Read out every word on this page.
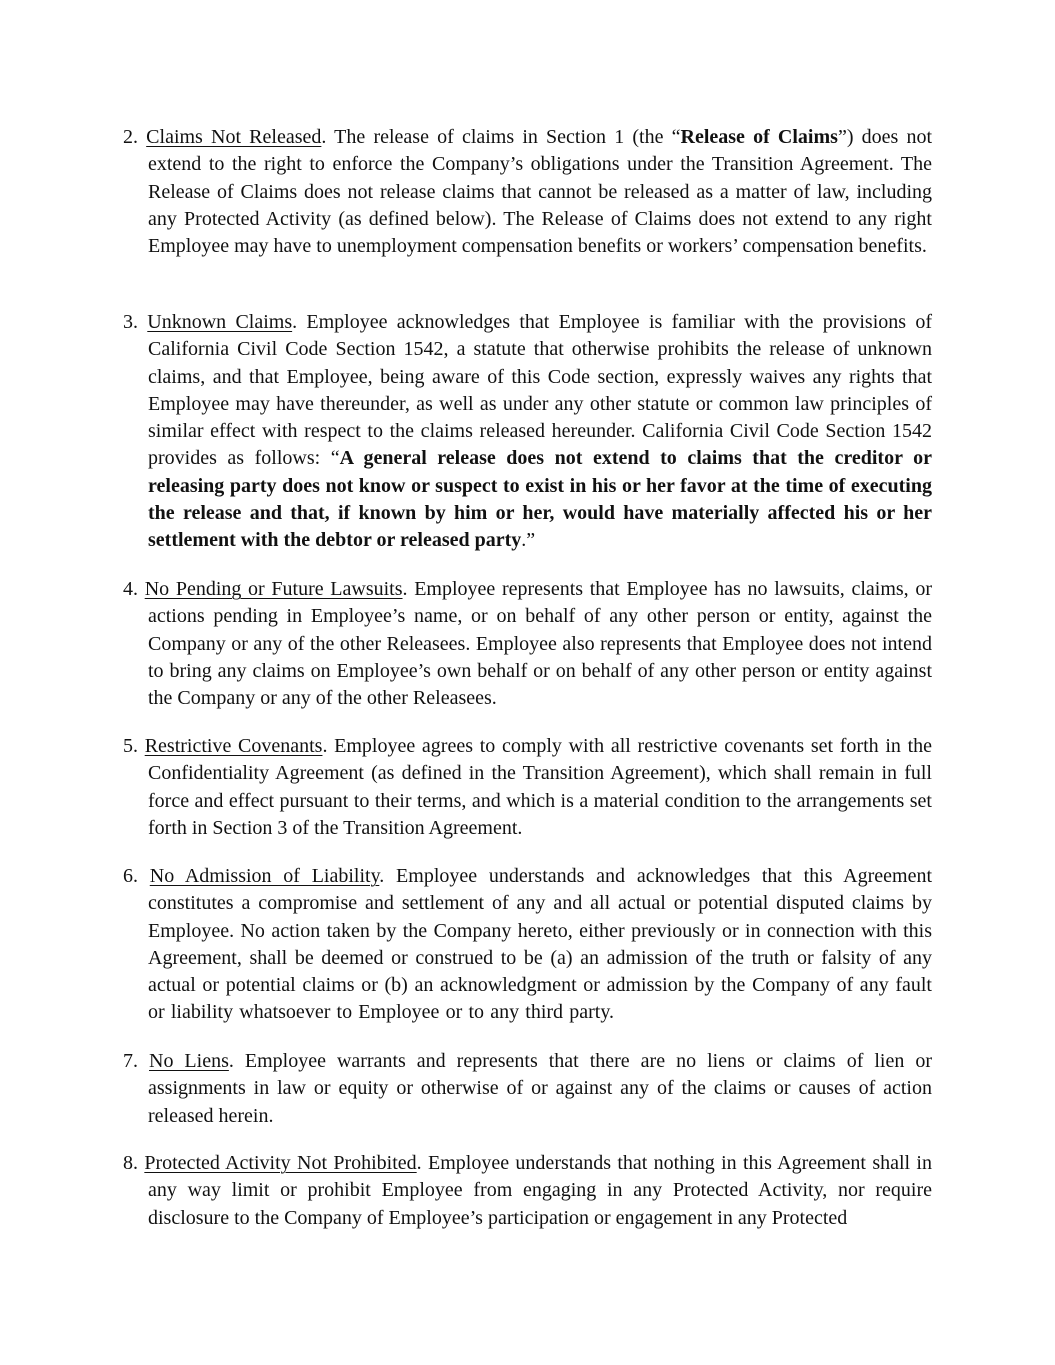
2. Claims Not Released. The release of claims in Section 1 (the “Release of Claims”) does not extend to the right to enforce the Company’s obligations under the Transition Agreement. The Release of Claims does not release claims that cannot be released as a matter of law, including any Protected Activity (as defined below). The Release of Claims does not extend to any right Employee may have to unemployment compensation benefits or workers’ compensation benefits.

3. Unknown Claims. Employee acknowledges that Employee is familiar with the provisions of California Civil Code Section 1542, a statute that otherwise prohibits the release of unknown claims, and that Employee, being aware of this Code section, expressly waives any rights that Employee may have thereunder, as well as under any other statute or common law principles of similar effect with respect to the claims released hereunder. California Civil Code Section 1542 provides as follows: “A general release does not extend to claims that the creditor or releasing party does not know or suspect to exist in his or her favor at the time of executing the release and that, if known by him or her, would have materially affected his or her settlement with the debtor or released party.”

4. No Pending or Future Lawsuits. Employee represents that Employee has no lawsuits, claims, or actions pending in Employee’s name, or on behalf of any other person or entity, against the Company or any of the other Releasees. Employee also represents that Employee does not intend to bring any claims on Employee’s own behalf or on behalf of any other person or entity against the Company or any of the other Releasees.

5. Restrictive Covenants. Employee agrees to comply with all restrictive covenants set forth in the Confidentiality Agreement (as defined in the Transition Agreement), which shall remain in full force and effect pursuant to their terms, and which is a material condition to the arrangements set forth in Section 3 of the Transition Agreement.

6. No Admission of Liability. Employee understands and acknowledges that this Agreement constitutes a compromise and settlement of any and all actual or potential disputed claims by Employee. No action taken by the Company hereto, either previously or in connection with this Agreement, shall be deemed or construed to be (a) an admission of the truth or falsity of any actual or potential claims or (b) an acknowledgment or admission by the Company of any fault or liability whatsoever to Employee or to any third party.

7. No Liens. Employee warrants and represents that there are no liens or claims of lien or assignments in law or equity or otherwise of or against any of the claims or causes of action released herein.

8. Protected Activity Not Prohibited. Employee understands that nothing in this Agreement shall in any way limit or prohibit Employee from engaging in any Protected Activity, nor require disclosure to the Company of Employee’s participation or engagement in any Protected
